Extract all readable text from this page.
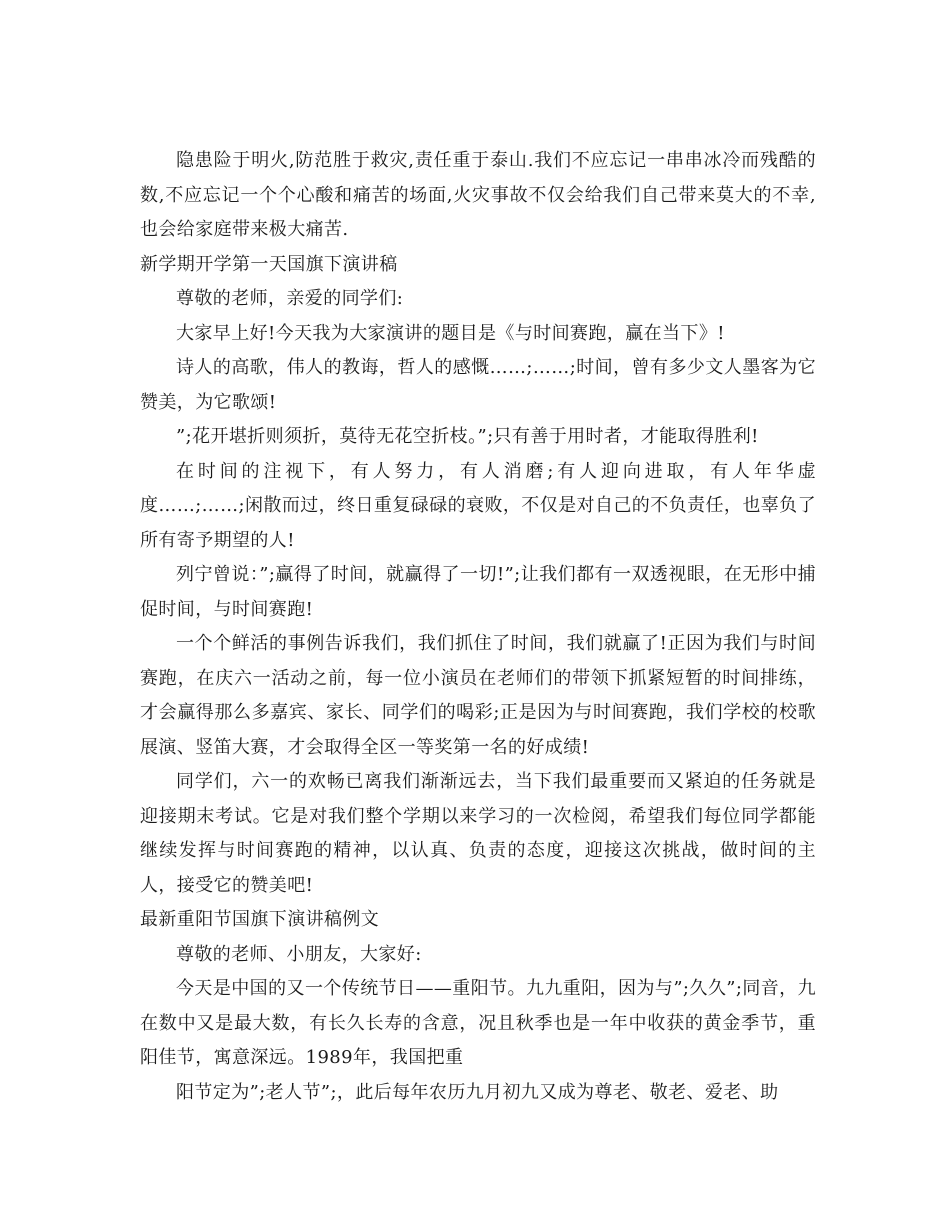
隐患险于明火,防范胜于救灾,责任重于泰山.我们不应忘记一串串冰冷而残酷的数,不应忘记一个个心酸和痛苦的场面,火灾事故不仅会给我们自己带来莫大的不幸,也会给家庭带来极大痛苦.

新学期开学第一天国旗下演讲稿

尊敬的老师，亲爱的同学们:

大家早上好!今天我为大家演讲的题目是《与时间赛跑，赢在当下》!

诗人的高歌，伟人的教诲，哲人的感慨……;……;时间，曾有多少文人墨客为它赞美，为它歌颂!

”;花开堪折则须折，莫待无花空折枝。”;只有善于用时者，才能取得胜利!

在时间的注视下，有人努力，有人消磨;有人迎向进取，有人年华虚度……;……;闲散而过，终日重复碌碌的衰败，不仅是对自己的不负责任，也辜负了所有寄予期望的人!

列宁曾说：”;赢得了时间，就赢得了一切!”;让我们都有一双透视眼，在无形中捕促时间，与时间赛跑!

一个个鲜活的事例告诉我们，我们抓住了时间，我们就赢了!正因为我们与时间赛跑，在庆六一活动之前，每一位小演员在老师们的带领下抓紧短暂的时间排练，才会赢得那么多嘉宾、家长、同学们的喝彩;正是因为与时间赛跑，我们学校的校歌展演、竖笛大赛，才会取得全区一等奖第一名的好成绩!

同学们，六一的欢畅已离我们渐渐远去，当下我们最重要而又紧迫的任务就是迎接期末考试。它是对我们整个学期以来学习的一次检阅，希望我们每位同学都能继续发挥与时间赛跑的精神，以认真、负责的态度，迎接这次挑战，做时间的主人，接受它的赞美吧!

最新重阳节国旗下演讲稿例文

尊敬的老师、小朋友，大家好:

今天是中国的又一个传统节日——重阳节。九九重阳，因为与”;久久”;同音，九在数中又是最大数，有长久长寿的含意，况且秋季也是一年中收获的黄金季节，重阳佳节，寓意深远。1989年，我国把重

阳节定为”;老人节”;，此后每年农历九月初九又成为尊老、敬老、爱老、助
